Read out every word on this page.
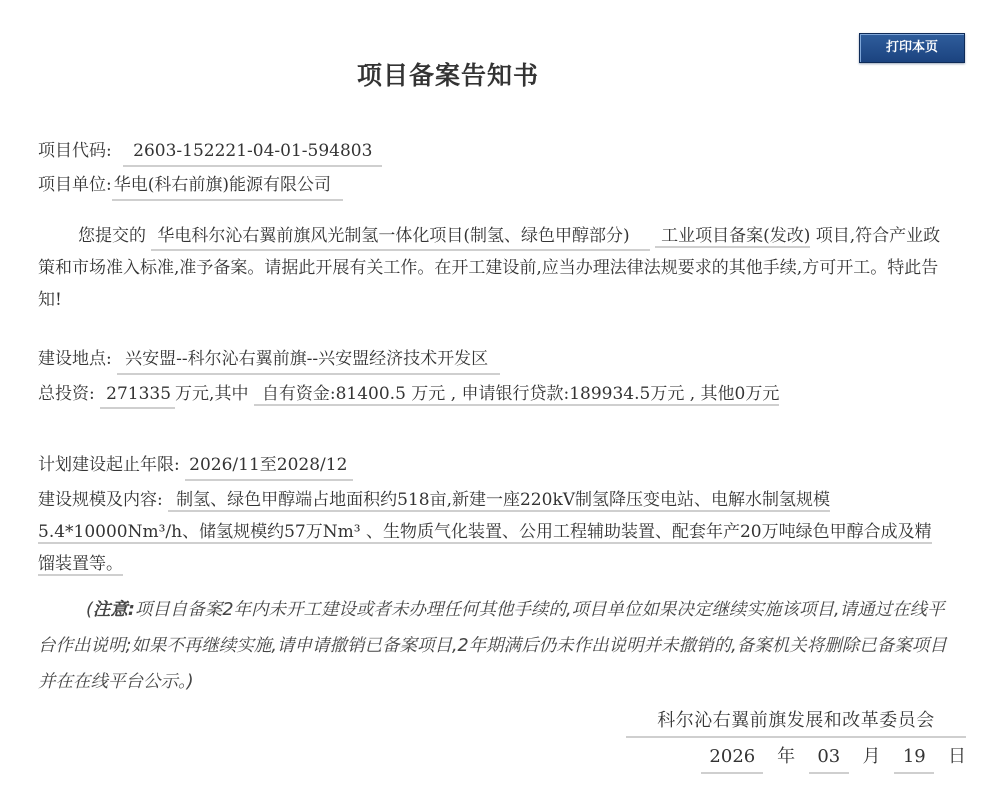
打印本页
项目备案告知书
项目代码: 2603-152221-04-01-594803
项目单位: 华电(科右前旗)能源有限公司
您提交的 华电科尔沁右翼前旗风光制氢一体化项目(制氢、绿色甲醇部分) 工业项目备案(发改) 项目,符合产业政策和市场准入标准,准予备案。请据此开展有关工作。在开工建设前,应当办理法律法规要求的其他手续,方可开工。特此告知!
建设地点: 兴安盟--科尔沁右翼前旗--兴安盟经济技术开发区
总投资: 271335 万元,其中 自有资金:81400.5 万元 , 申请银行贷款:189934.5万元 , 其他0万元
计划建设起止年限: 2026/11至2028/12
建设规模及内容: 制氢、绿色甲醇端占地面积约518亩,新建一座220kV制氢降压变电站、电解水制氢规模5.4*10000Nm³/h、储氢规模约57万Nm³ 、生物质气化装置、公用工程辅助装置、配套年产20万吨绿色甲醇合成及精馏装置等。
(注意:项目自备案2年内未开工建设或者未办理任何其他手续的,项目单位如果决定继续实施该项目,请通过在线平台作出说明;如果不再继续实施,请申请撤销已备案项目,2年期满后仍未作出说明并未撤销的,备案机关将删除已备案项目并在在线平台公示。)
科尔沁右翼前旗发展和改革委员会
2026 年 03 月 19 日
